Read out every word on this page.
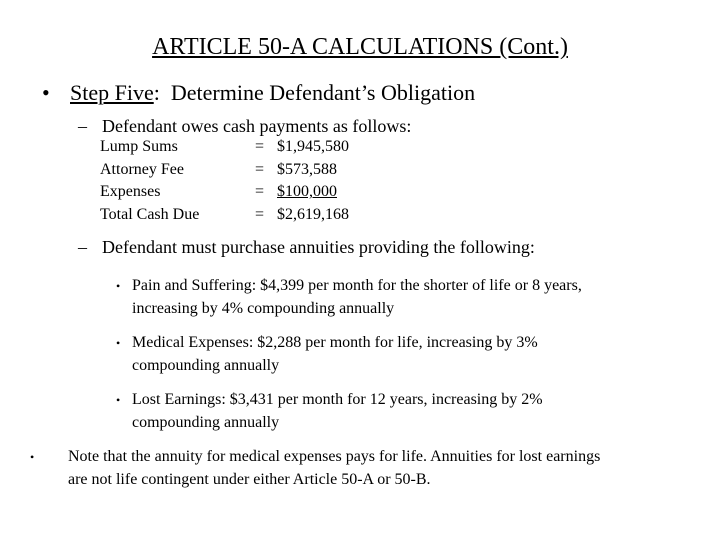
ARTICLE 50-A CALCULATIONS (Cont.)
• Step Five: Determine Defendant’s Obligation
– Defendant owes cash payments as follows:
Lump Sums	=	$1,945,580
Attorney Fee	=	$573,588
Expenses	=	$100,000
Total Cash Due	=	$2,619,168
– Defendant must purchase annuities providing the following:
• Pain and Suffering: $4,399 per month for the shorter of life or 8 years,
increasing by 4% compounding annually
• Medical Expenses: $2,288 per month for life, increasing by 3%
compounding annually
• Lost Earnings: $3,431 per month for 12 years, increasing by 2%
compounding annually
• Note that the annuity for medical expenses pays for life. Annuities for lost earnings
are not life contingent under either Article 50-A or 50-B.
